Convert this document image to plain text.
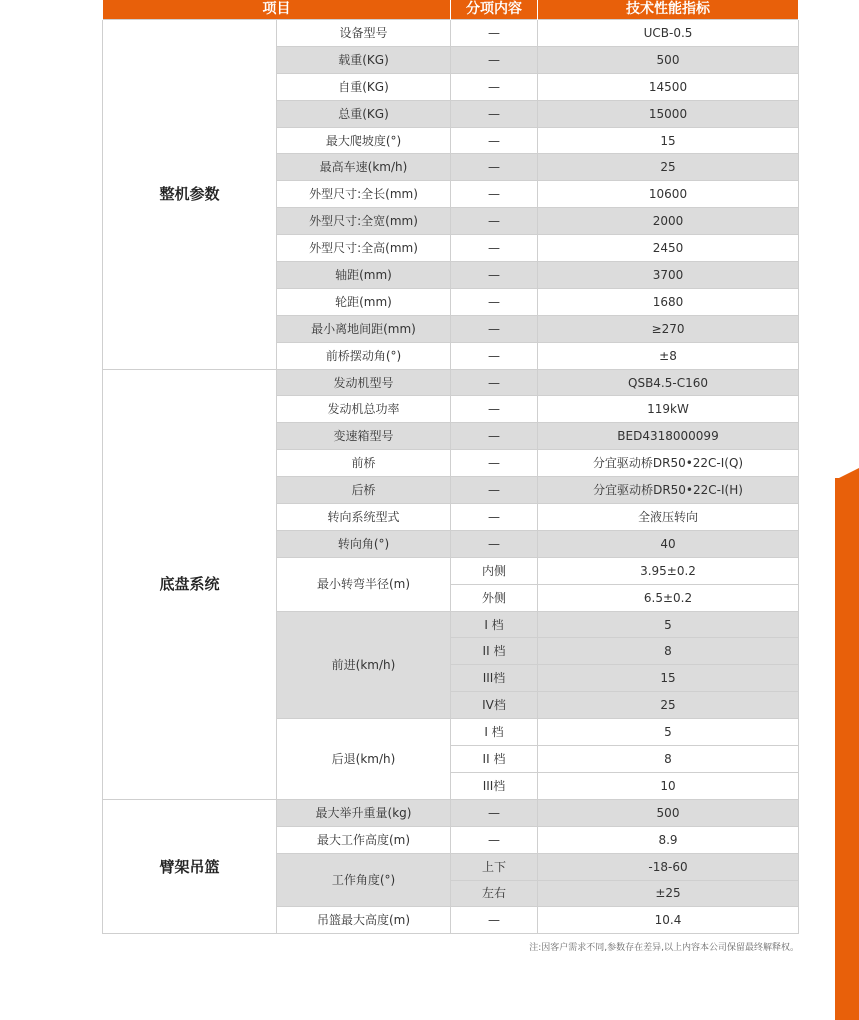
项目		分项内容	技术性能指标
整机参数	设备型号	—	UCB-0.5
	载重(KG)	—	500
	自重(KG)	—	14500
	总重(KG)	—	15000
	最大爬坡度(°)	—	15
	最高车速(km/h)	—	25
	外型尺寸:全长(mm)	—	10600
	外型尺寸:全宽(mm)	—	2000
	外型尺寸:全高(mm)	—	2450
	轴距(mm)	—	3700
	轮距(mm)	—	1680
	最小离地间距(mm)	—	≥270
	前桥摆动角(°)	—	±8
底盘系统	发动机型号	—	QSB4.5-C160
	发动机总功率	—	119kW
	变速箱型号	—	BED4318000099
	前桥	—	分宜驱动桥DR50•22C-I(Q)
	后桥	—	分宜驱动桥DR50•22C-I(H)
	转向系统型式	—	全液压转向
	转向角(°)	—	40
	最小转弯半径(m)	内侧	3.95±0.2
		外侧	6.5±0.2
	前进(km/h)	I 档	5
		II 档	8
		III档	15
		IV档	25
	后退(km/h)	I 档	5
		II 档	8
		III档	10
臂架吊篮	最大举升重量(kg)	—	500
	最大工作高度(m)	—	8.9
	工作角度(°)	上下	-18-60
		左右	±25
	吊篮最大高度(m)	—	10.4
注:因客户需求不同,参数存在差异,以上内容本公司保留最终解释权。
